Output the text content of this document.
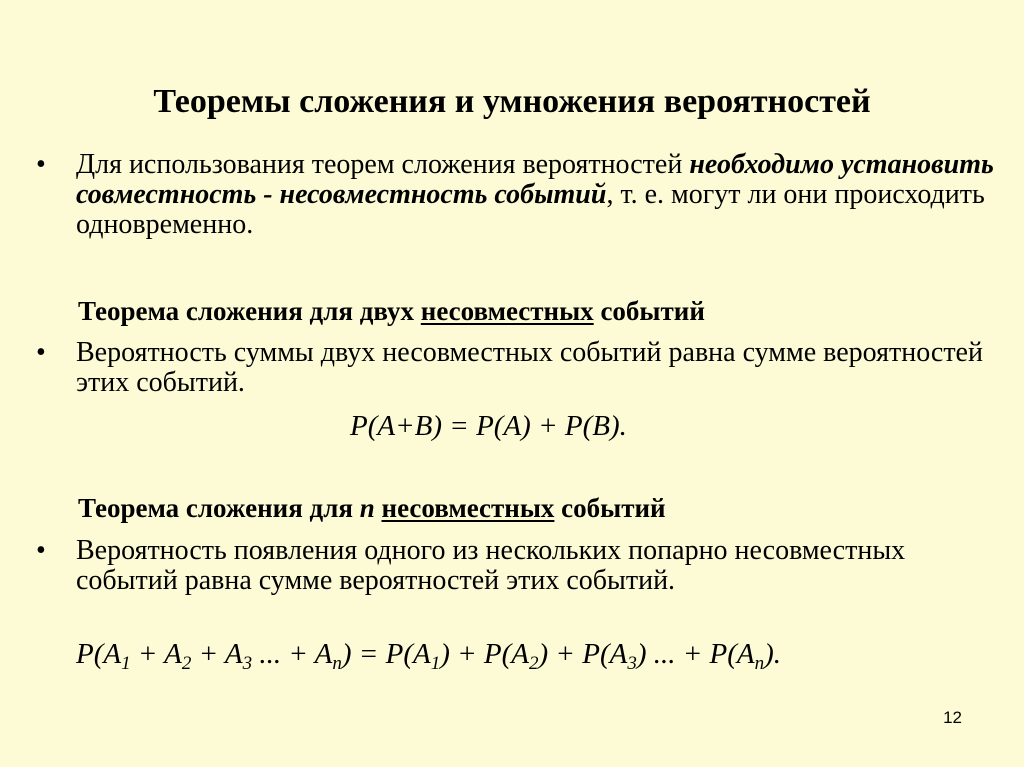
Теоремы сложения и умножения вероятностей
• Для использования теорем сложения вероятностей необходимо установить совместность - несовместность событий, т. е. могут ли они происходить одновременно.
Теорема сложения для двух несовместных событий
• Вероятность суммы двух несовместных событий равна сумме вероятностей этих событий.
P(A+B) = P(A) + P(B).
Теорема сложения для n несовместных событий
• Вероятность появления одного из нескольких попарно несовместных событий равна сумме вероятностей этих событий.
$P(A_1 + A_2 + A_3$ ... + $A_n) = P(A_1) + P(A_2) + P(A_3)$ ... + $P(A_n)$.
12
